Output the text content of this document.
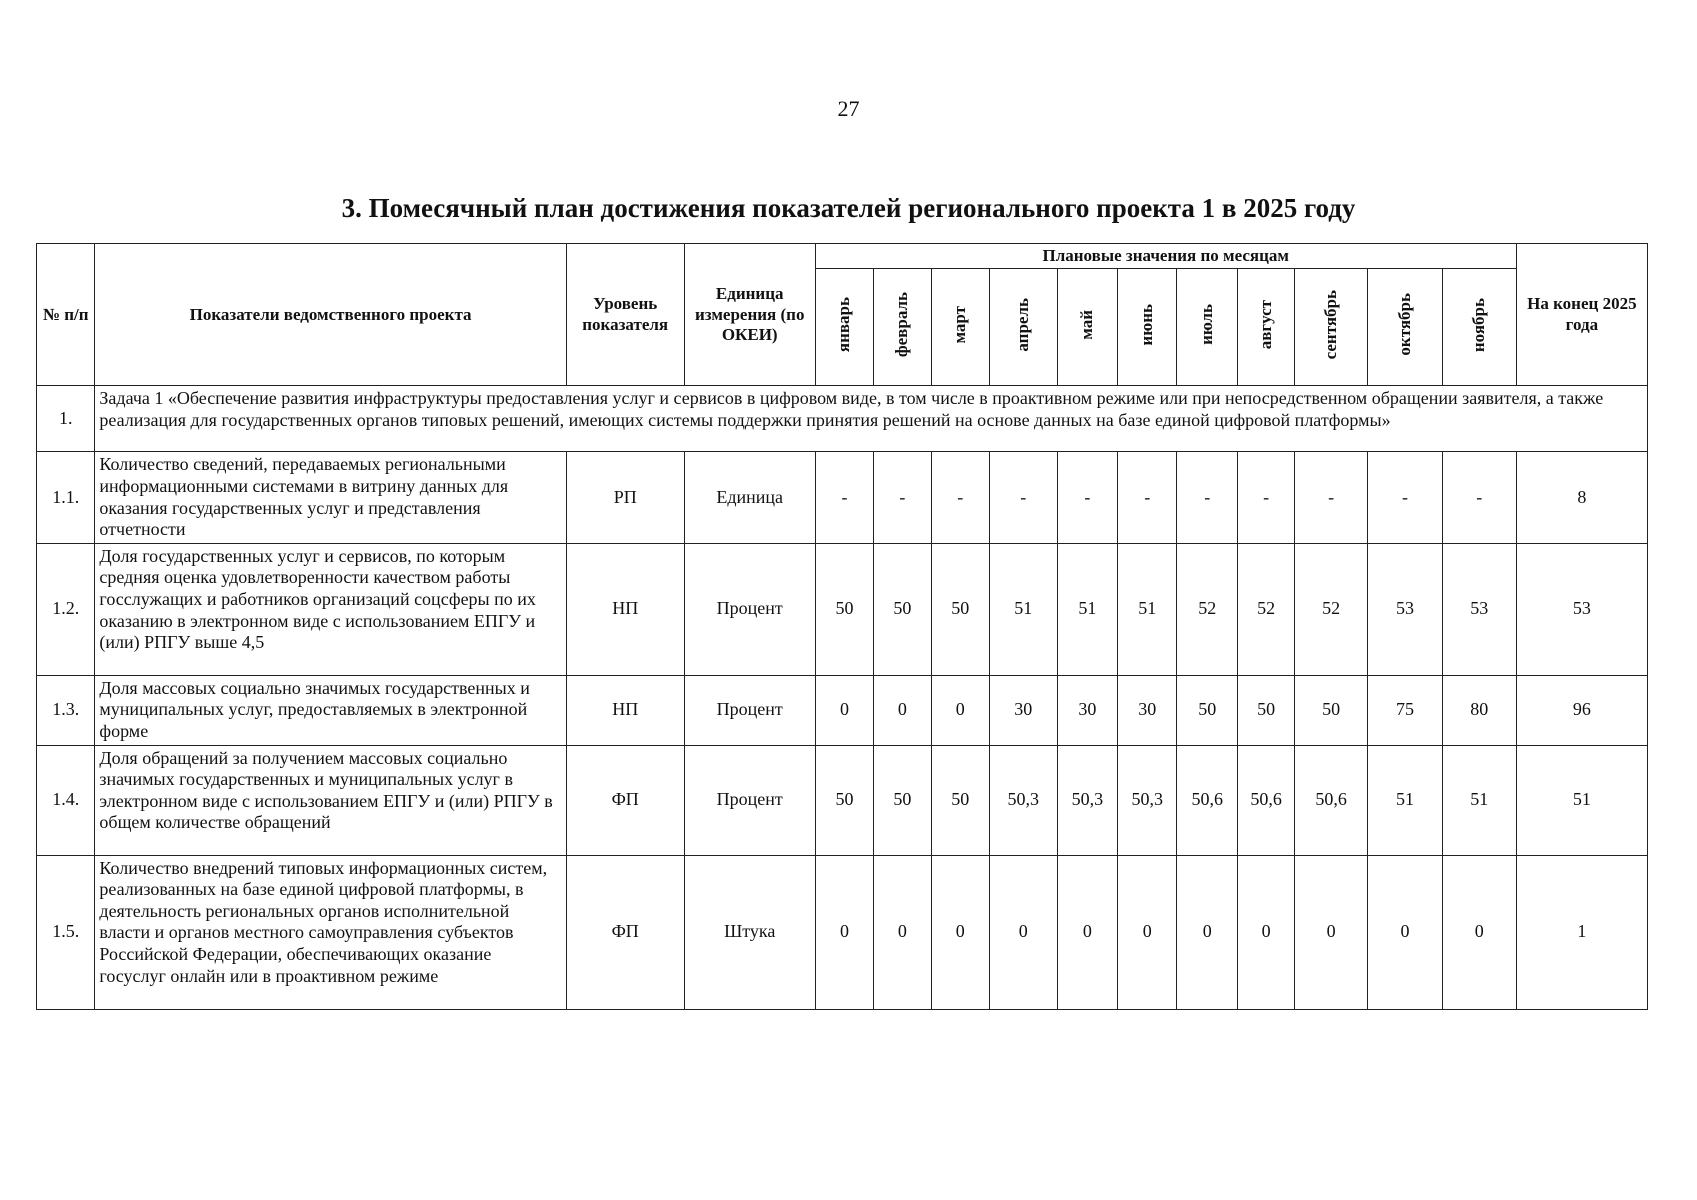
27
3. Помесячный план достижения показателей регионального проекта 1 в 2025 году
№ п/п	Показатели ведомственного проекта	Уровень показателя	Единица измерения (по ОКЕИ)	Плановые значения по месяцам											На конец 2025 года
				январь	февраль	март	апрель	май	июнь	июль	август	сентябрь	октябрь	ноябрь	
1.	Задача 1 «Обеспечение развития инфраструктуры предоставления услуг и сервисов в цифровом виде, в том числе в проактивном режиме или при непосредственном обращении заявителя, а также реализация для государственных органов типовых решений, имеющих системы поддержки принятия решений на основе данных на базе единой цифровой платформы»														
1.1.	Количество сведений, передаваемых региональными информационными системами в витрину данных для оказания государственных услуг и представления отчетности	РП	Единица	-	-	-	-	-	-	-	-	-	-	-	8
1.2.	Доля государственных услуг и сервисов, по которым средняя оценка удовлетворенности качеством работы госслужащих и работников организаций соцсферы по их оказанию в электронном виде с использованием ЕПГУ и (или) РПГУ выше 4,5	НП	Процент	50	50	50	51	51	51	52	52	52	53	53	53
1.3.	Доля массовых социально значимых государственных и муниципальных услуг, предоставляемых в электронной форме	НП	Процент	0	0	0	30	30	30	50	50	50	75	80	96
1.4.	Доля обращений за получением массовых социально значимых государственных и муниципальных услуг в электронном виде с использованием ЕПГУ и (или) РПГУ в общем количестве обращений	ФП	Процент	50	50	50	50,3	50,3	50,3	50,6	50,6	50,6	51	51	51
1.5.	Количество внедрений типовых информационных систем, реализованных на базе единой цифровой платформы, в деятельность региональных органов исполнительной власти и органов местного самоуправления субъектов Российской Федерации, обеспечивающих оказание госуслуг онлайн или в проактивном режиме	ФП	Штука	0	0	0	0	0	0	0	0	0	0	0	1
